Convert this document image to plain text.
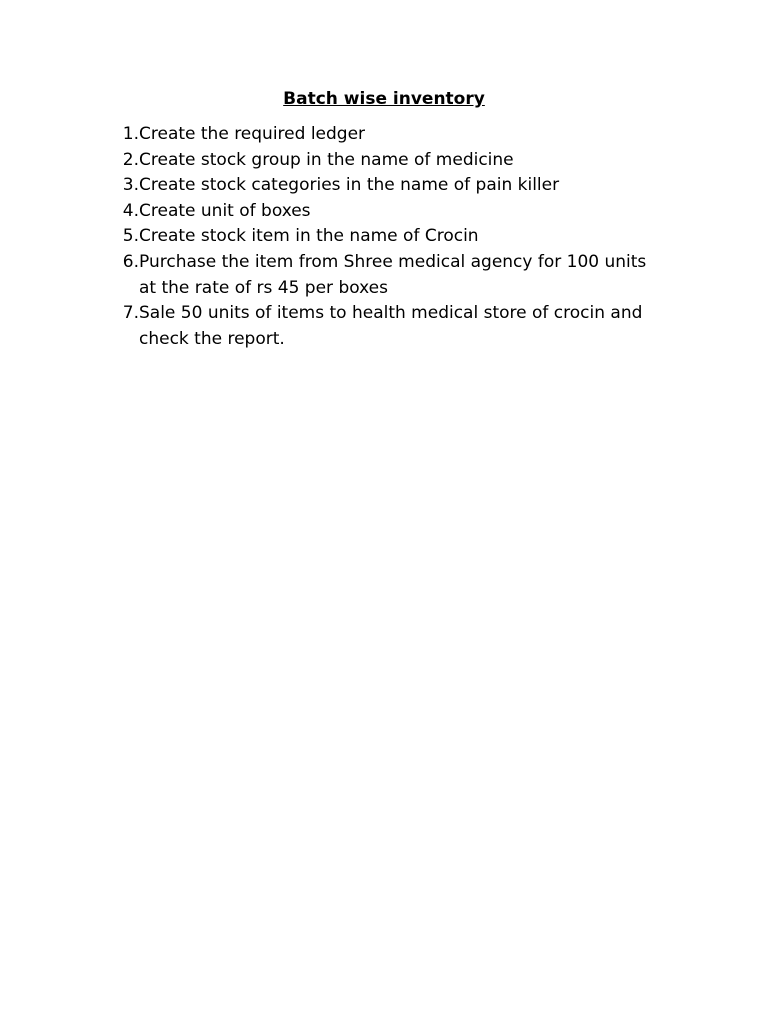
Batch wise inventory
1. Create the required ledger
2. Create stock group in the name of medicine
3. Create stock categories in the name of pain killer
4. Create unit of boxes
5. Create stock item in the name of Crocin
6. Purchase the item from Shree medical agency for 100 units at the rate of rs 45 per boxes
7. Sale 50 units of items to health medical store of crocin and check the report.
